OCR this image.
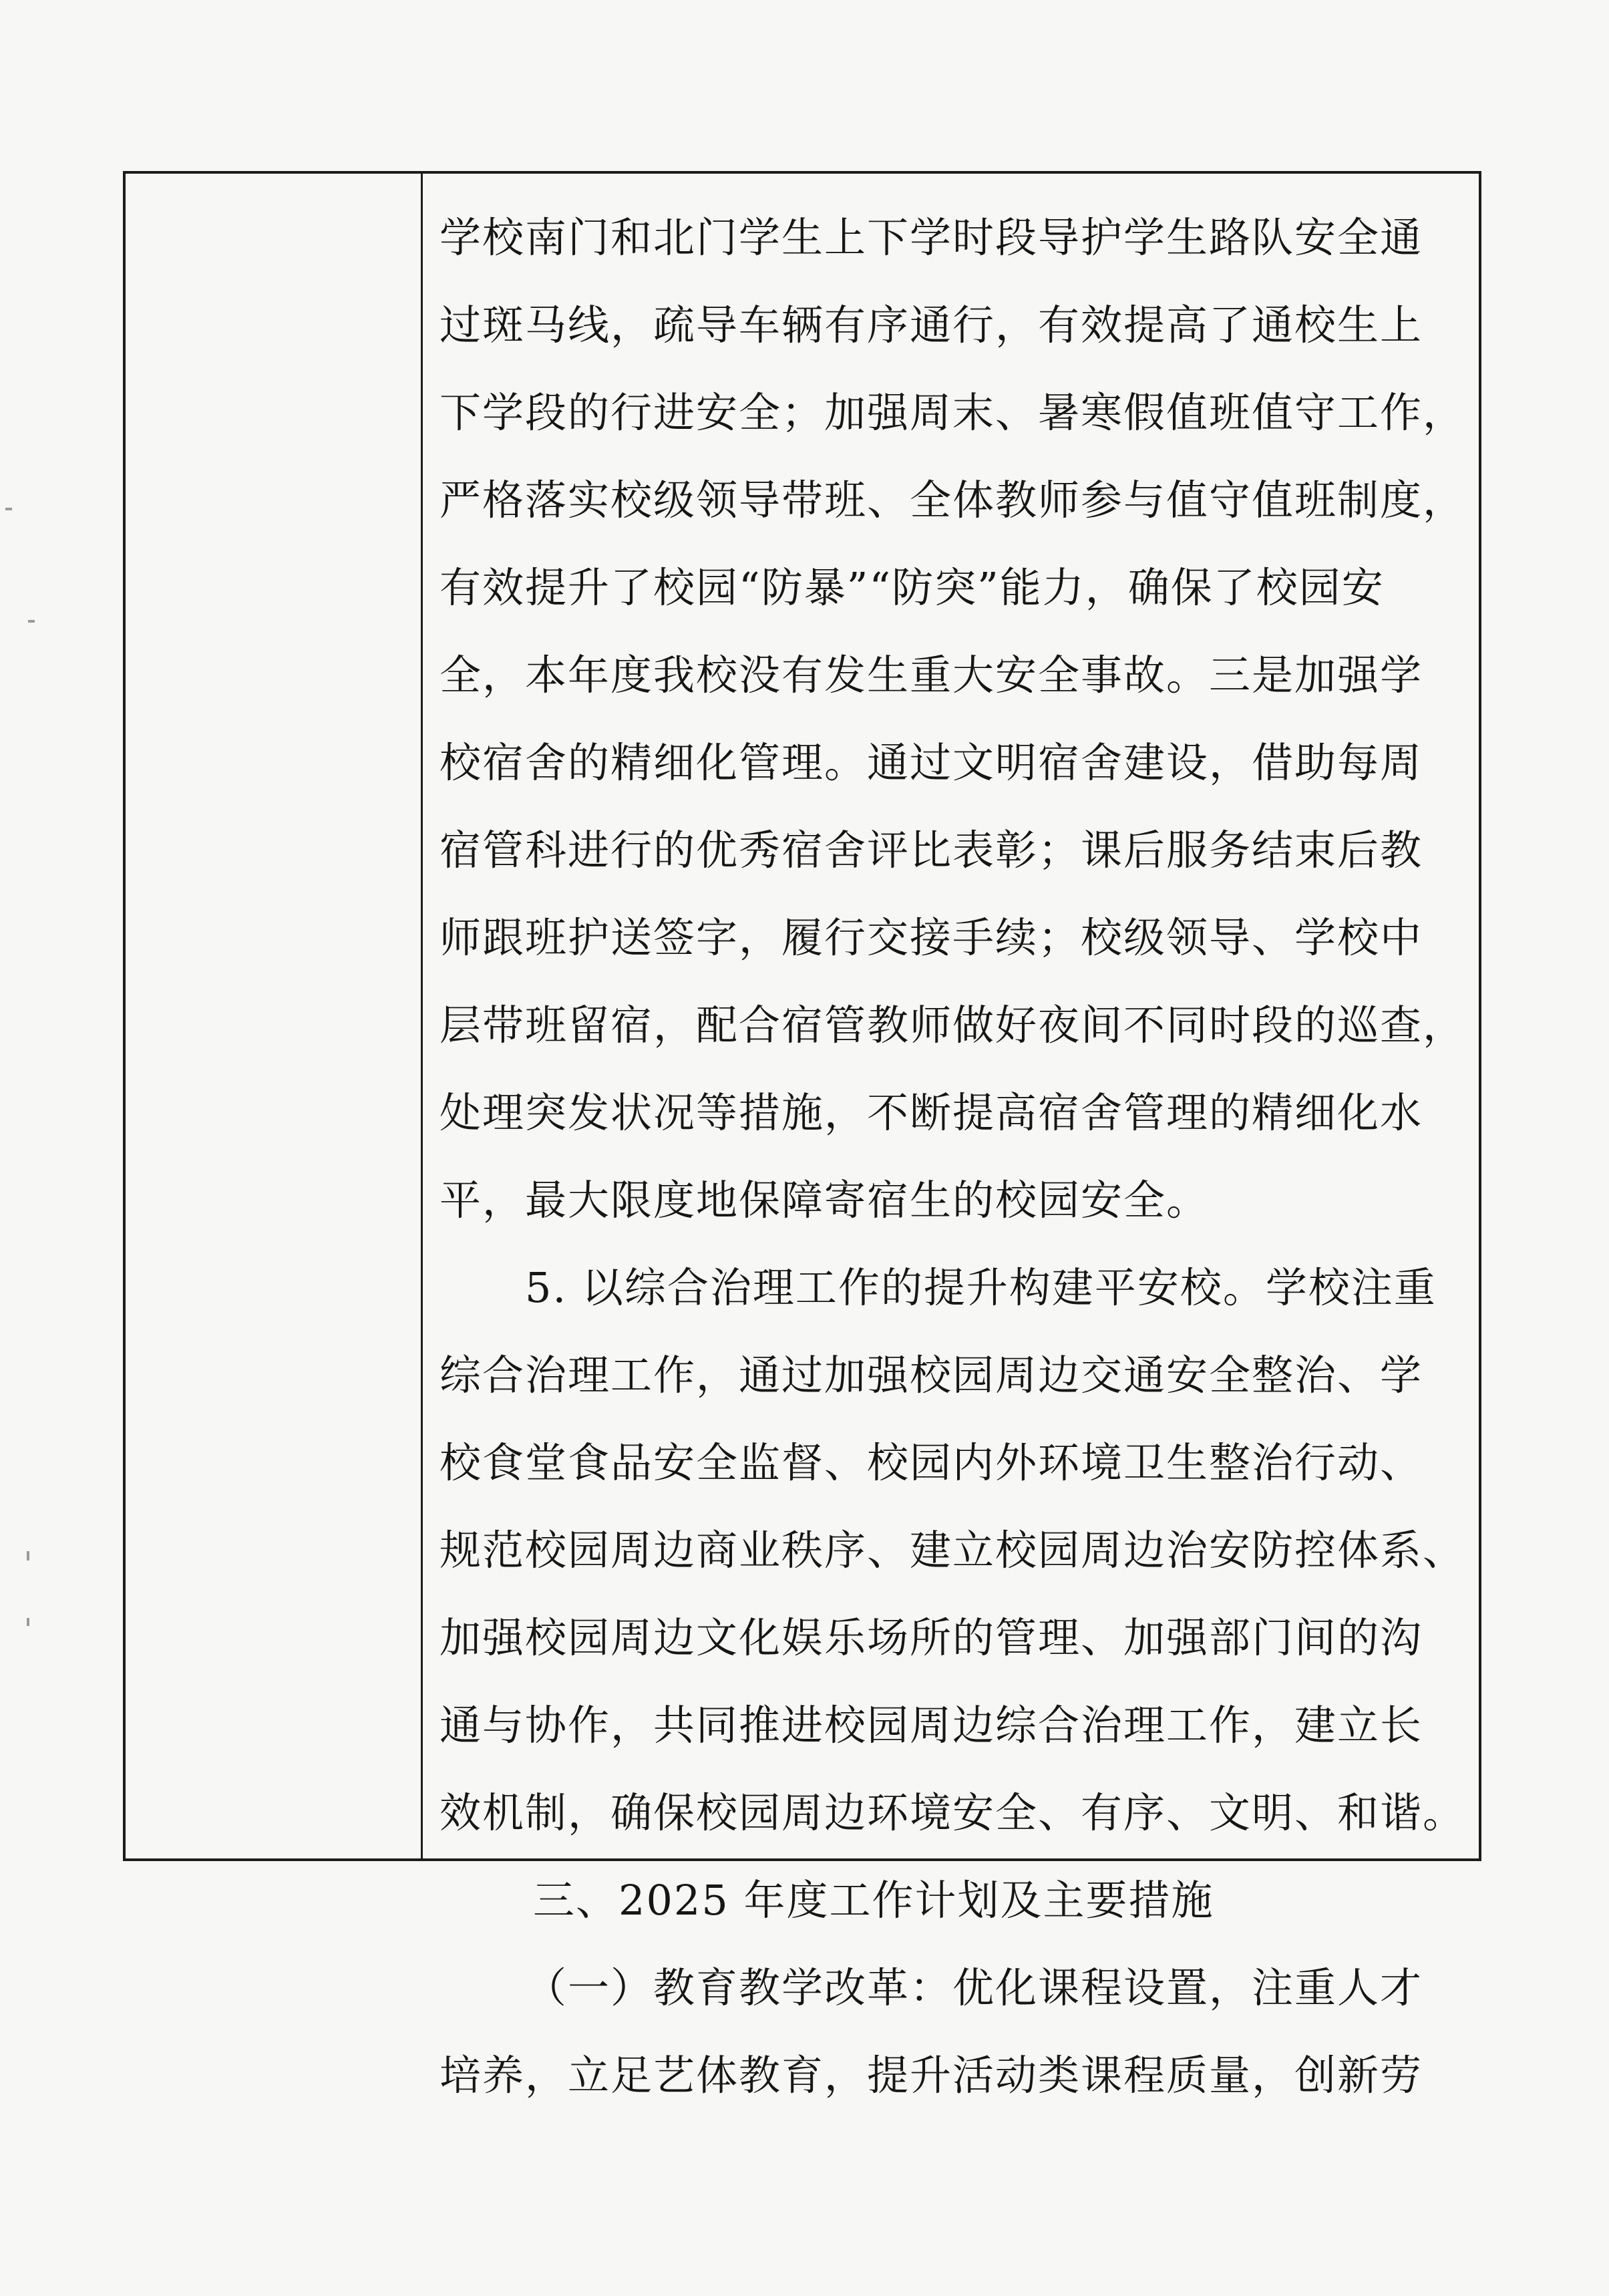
学校南门和北门学生上下学时段导护学生路队安全通
过斑马线，疏导车辆有序通行，有效提高了通校生上
下学段的行进安全；加强周末、暑寒假值班值守工作，
严格落实校级领导带班、全体教师参与值守值班制度，
有效提升了校园“防暴”“防突”能力，确保了校园安
全，本年度我校没有发生重大安全事故。三是加强学
校宿舍的精细化管理。通过文明宿舍建设，借助每周
宿管科进行的优秀宿舍评比表彰；课后服务结束后教
师跟班护送签字，履行交接手续；校级领导、学校中
层带班留宿，配合宿管教师做好夜间不同时段的巡查，
处理突发状况等措施，不断提高宿舍管理的精细化水
平，最大限度地保障寄宿生的校园安全。
5. 以综合治理工作的提升构建平安校。学校注重
综合治理工作，通过加强校园周边交通安全整治、学
校食堂食品安全监督、校园内外环境卫生整治行动、
规范校园周边商业秩序、建立校园周边治安防控体系、
加强校园周边文化娱乐场所的管理、加强部门间的沟
通与协作，共同推进校园周边综合治理工作，建立长
效机制，确保校园周边环境安全、有序、文明、和谐。
三、2025 年度工作计划及主要措施
（一）教育教学改革：优化课程设置，注重人才
培养，立足艺体教育，提升活动类课程质量，创新劳
